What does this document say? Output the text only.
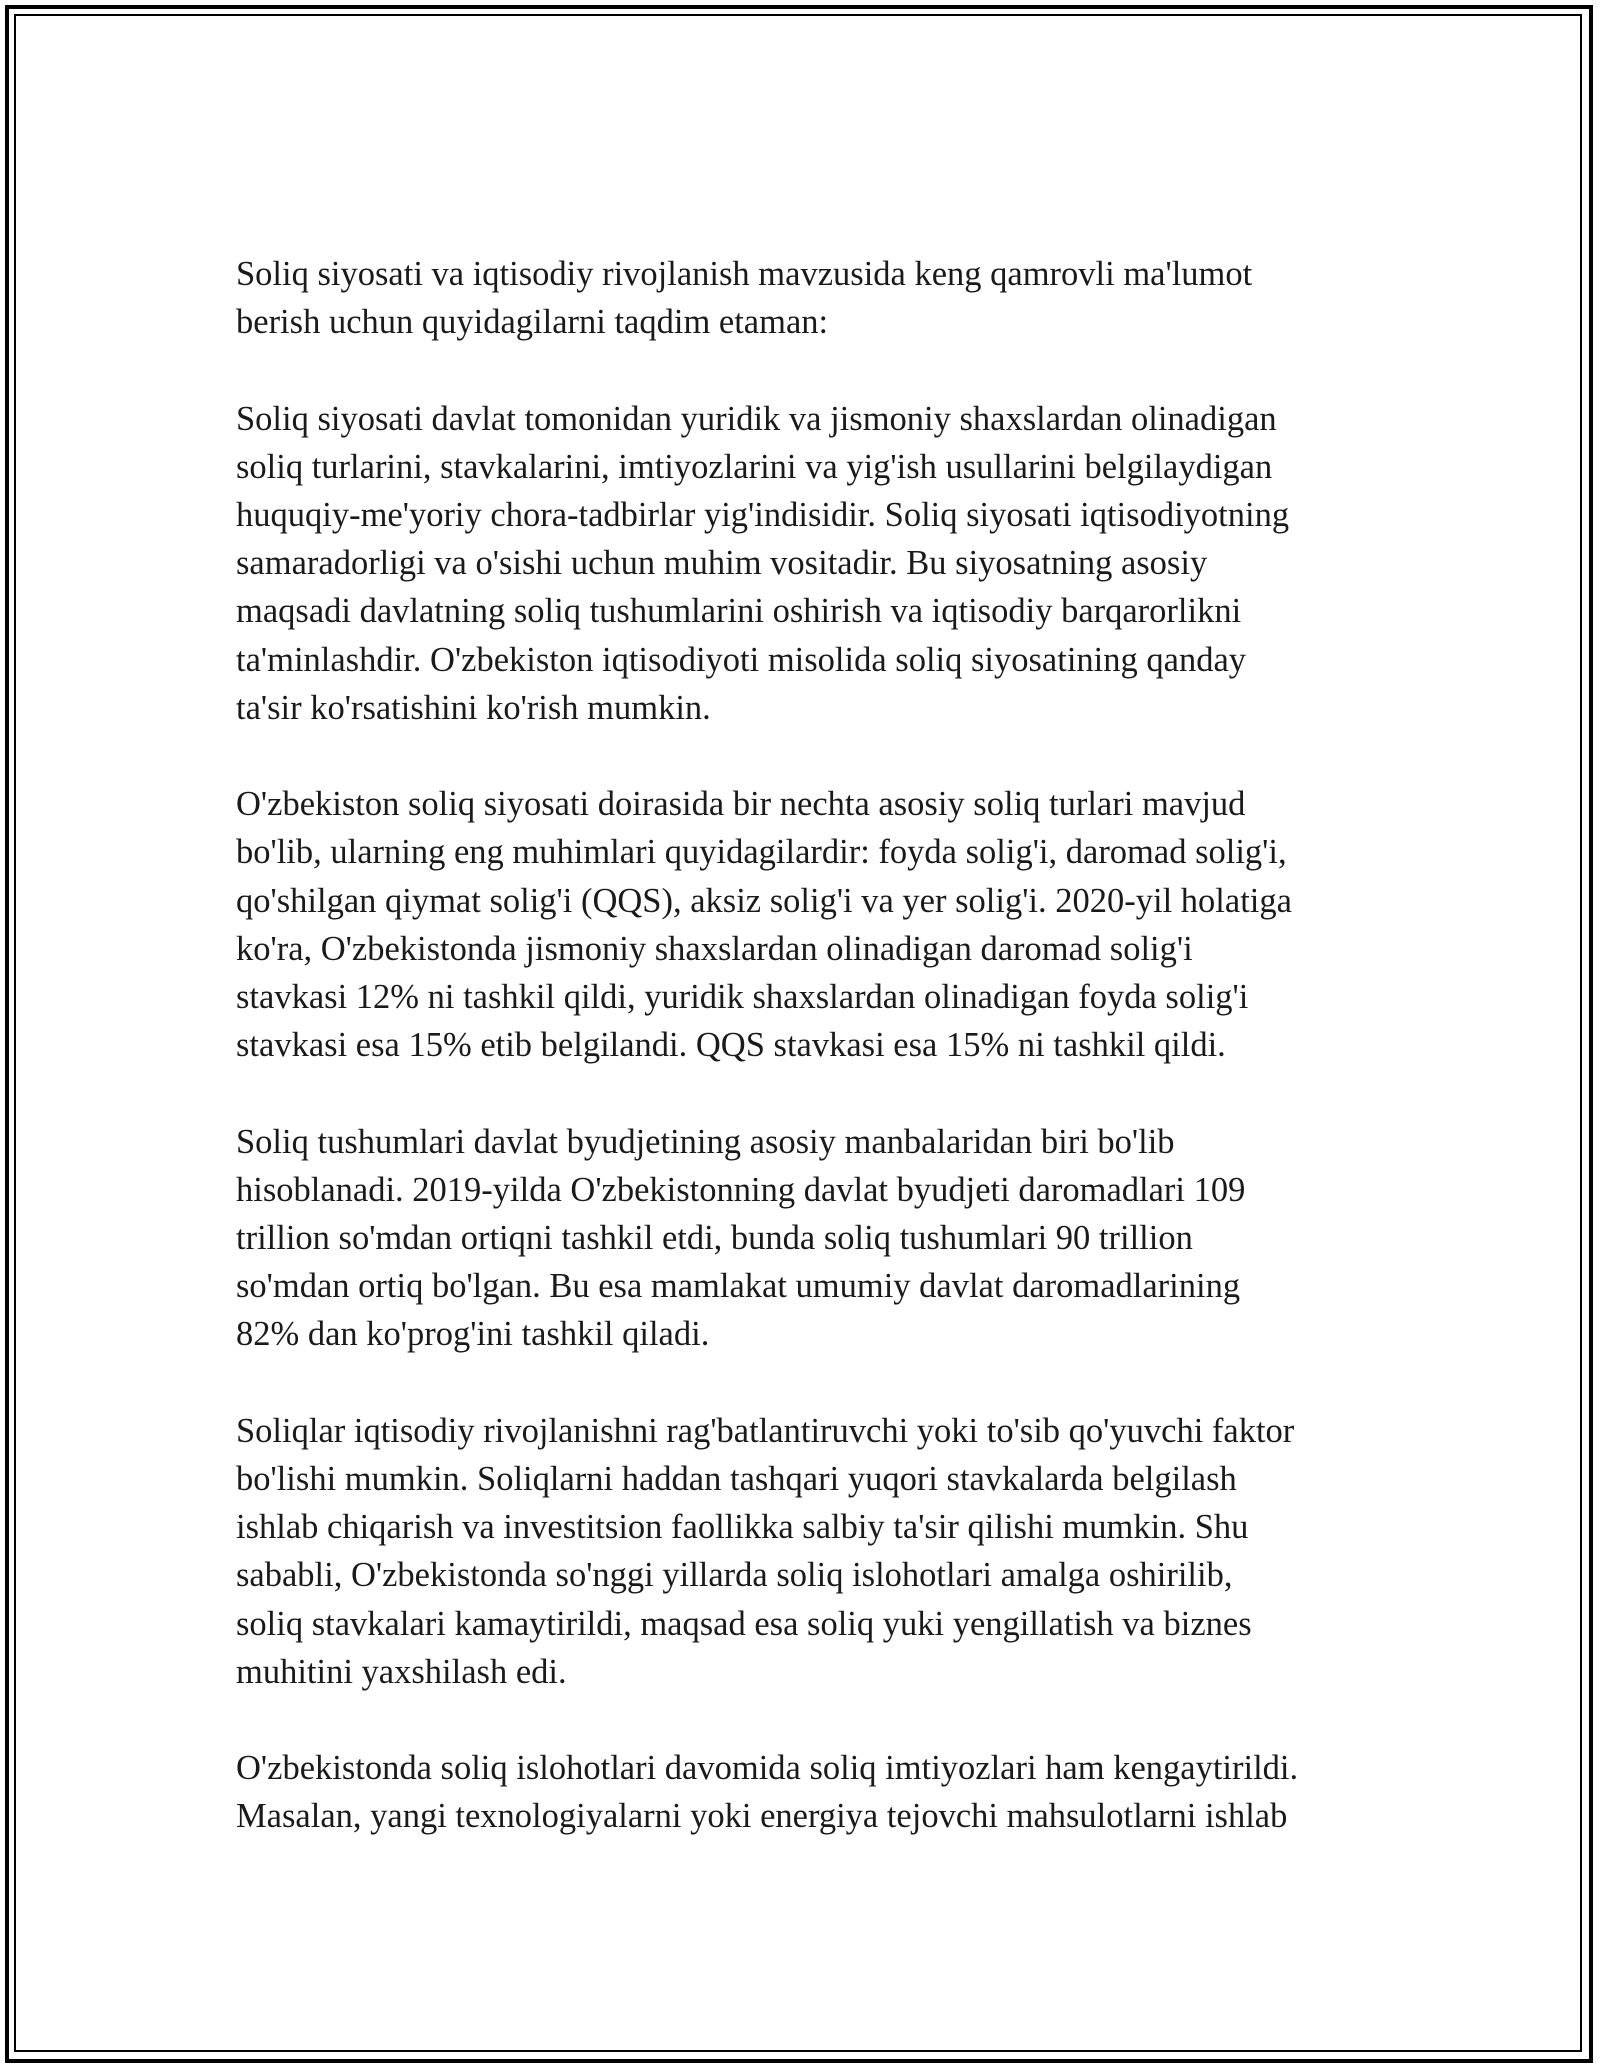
Soliq siyosati va iqtisodiy rivojlanish mavzusida keng qamrovli ma'lumot
berish uchun quyidagilarni taqdim etaman:

Soliq siyosati davlat tomonidan yuridik va jismoniy shaxslardan olinadigan
soliq turlarini, stavkalarini, imtiyozlarini va yig'ish usullarini belgilaydigan
huquqiy-me'yoriy chora-tadbirlar yig'indisidir. Soliq siyosati iqtisodiyotning
samaradorligi va o'sishi uchun muhim vositadir. Bu siyosatning asosiy
maqsadi davlatning soliq tushumlarini oshirish va iqtisodiy barqarorlikni
ta'minlashdir. O'zbekiston iqtisodiyoti misolida soliq siyosatining qanday
ta'sir ko'rsatishini ko'rish mumkin.

O'zbekiston soliq siyosati doirasida bir nechta asosiy soliq turlari mavjud
bo'lib, ularning eng muhimlari quyidagilardir: foyda solig'i, daromad solig'i,
qo'shilgan qiymat solig'i (QQS), aksiz solig'i va yer solig'i. 2020-yil holatiga
ko'ra, O'zbekistonda jismoniy shaxslardan olinadigan daromad solig'i
stavkasi 12% ni tashkil qildi, yuridik shaxslardan olinadigan foyda solig'i
stavkasi esa 15% etib belgilandi. QQS stavkasi esa 15% ni tashkil qildi.

Soliq tushumlari davlat byudjetining asosiy manbalaridan biri bo'lib
hisoblanadi. 2019-yilda O'zbekistonning davlat byudjeti daromadlari 109
trillion so'mdan ortiqni tashkil etdi, bunda soliq tushumlari 90 trillion
so'mdan ortiq bo'lgan. Bu esa mamlakat umumiy davlat daromadlarining
82% dan ko'prog'ini tashkil qiladi.

Soliqlar iqtisodiy rivojlanishni rag'batlantiruvchi yoki to'sib qo'yuvchi faktor
bo'lishi mumkin. Soliqlarni haddan tashqari yuqori stavkalarda belgilash
ishlab chiqarish va investitsion faollikka salbiy ta'sir qilishi mumkin. Shu
sababli, O'zbekistonda so'nggi yillarda soliq islohotlari amalga oshirilib,
soliq stavkalari kamaytirildi, maqsad esa soliq yuki yengillatish va biznes
muhitini yaxshilash edi.

O'zbekistonda soliq islohotlari davomida soliq imtiyozlari ham kengaytirildi.
Masalan, yangi texnologiyalarni yoki energiya tejovchi mahsulotlarni ishlab
